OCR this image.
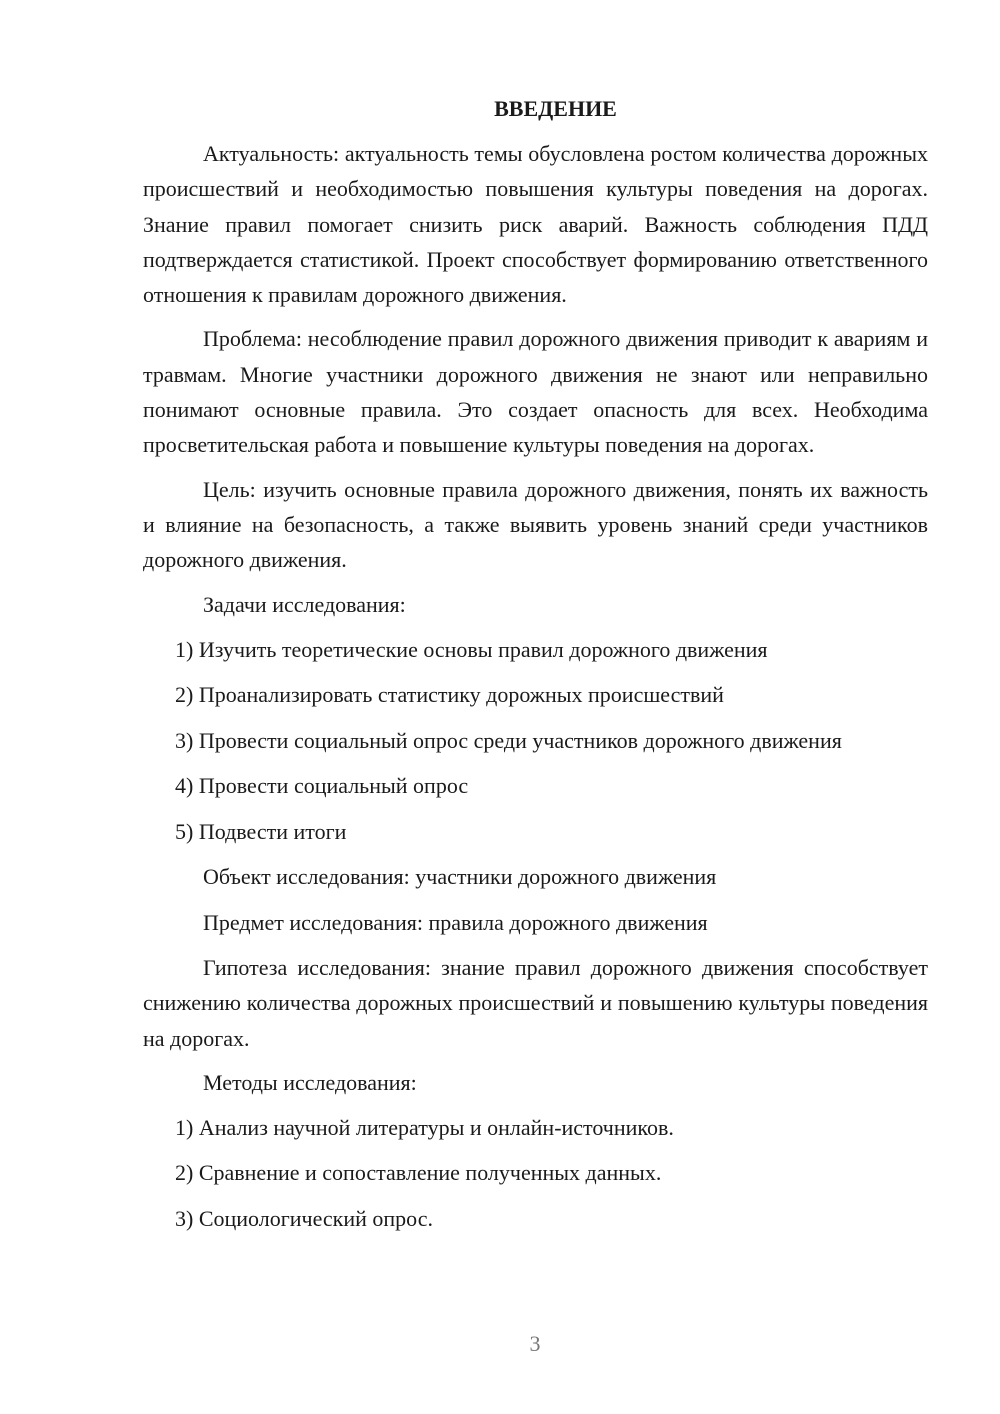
ВВЕДЕНИЕ

Актуальность: актуальность темы обусловлена ростом количества дорожных происшествий и необходимостью повышения культуры поведения на дорогах. Знание правил помогает снизить риск аварий. Важность соблюдения ПДД подтверждается статистикой. Проект способствует формированию ответственного отношения к правилам дорожного движения.

Проблема: несоблюдение правил дорожного движения приводит к авариям и травмам. Многие участники дорожного движения не знают или неправильно понимают основные правила. Это создает опасность для всех. Необходима просветительская работа и повышение культуры поведения на дорогах.

Цель: изучить основные правила дорожного движения, понять их важность и влияние на безопасность, а также выявить уровень знаний среди участников дорожного движения.

Задачи исследования:
1) Изучить теоретические основы правил дорожного движения
2) Проанализировать статистику дорожных происшествий
3) Провести социальный опрос среди участников дорожного движения
4) Провести социальный опрос
5) Подвести итоги
Объект исследования: участники дорожного движения
Предмет исследования: правила дорожного движения

Гипотеза исследования: знание правил дорожного движения способствует снижению количества дорожных происшествий и повышению культуры поведения на дорогах.

Методы исследования:
1) Анализ научной литературы и онлайн-источников.
2) Сравнение и сопоставление полученных данных.
3) Социологический опрос.
3
